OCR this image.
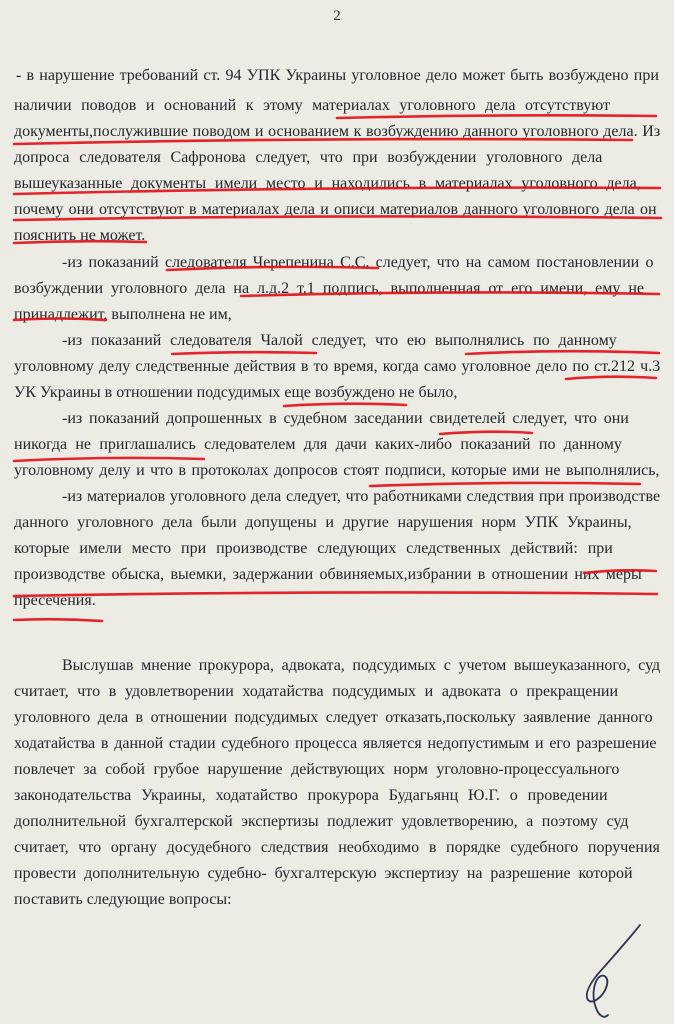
2
- в нарушение требований ст. 94 УПК Украины уголовное дело может быть возбуждено при
наличии поводов и оснований к этому материалах уголовного дела отсутствуют
документы,послужившие поводом и основанием к возбуждению данного уголовного дела. Из
допроса следователя Сафронова следует, что при возбуждении уголовного дела
вышеуказанные документы имели место и находились в материалах уголовного дела,
почему они отсутствуют в материалах дела и описи материалов данного уголовного дела он
пояснить не может.
-из показаний следователя Черепенина С.С. следует, что на самом постановлении о
возбуждении уголовного дела на л.д.2 т.1 подпись, выполненная от его имени, ему не
принадлежит, выполнена не им,
-из показаний следователя Чалой следует, что ею выполнялись по данному
уголовному делу следственные действия в то время, когда само уголовное дело по ст.212 ч.3
УК Украины в отношении подсудимых еще возбуждено не было,
-из показаний допрошенных в судебном заседании свидетелей следует, что они
никогда не приглашались следователем для дачи каких-либо показаний по данному
уголовному делу и что в протоколах допросов стоят подписи, которые ими не выполнялись,
-из материалов уголовного дела следует, что работниками следствия при производстве
данного уголовного дела были допущены и другие нарушения норм УПК Украины,
которые имели место при производстве следующих следственных действий: при
производстве обыска, выемки, задержании обвиняемых,избрании в отношении них меры
пресечения.
Выслушав мнение прокурора, адвоката, подсудимых с учетом вышеуказанного, суд
считает, что в удовлетворении ходатайства подсудимых и адвоката о прекращении
уголовного дела в отношении подсудимых следует отказать,поскольку заявление данного
ходатайства в данной стадии судебного процесса является недопустимым и его разрешение
повлечет за собой грубое нарушение действующих норм уголовно-процессуального
законодательства Украины, ходатайство прокурора Будагьянц Ю.Г. о проведении
дополнительной бухгалтерской экспертизы подлежит удовлетворению, а поэтому суд
считает, что органу досудебного следствия необходимо в порядке судебного поручения
провести дополнительную судебно- бухгалтерскую экспертизу на разрешение которой
поставить следующие вопросы:
